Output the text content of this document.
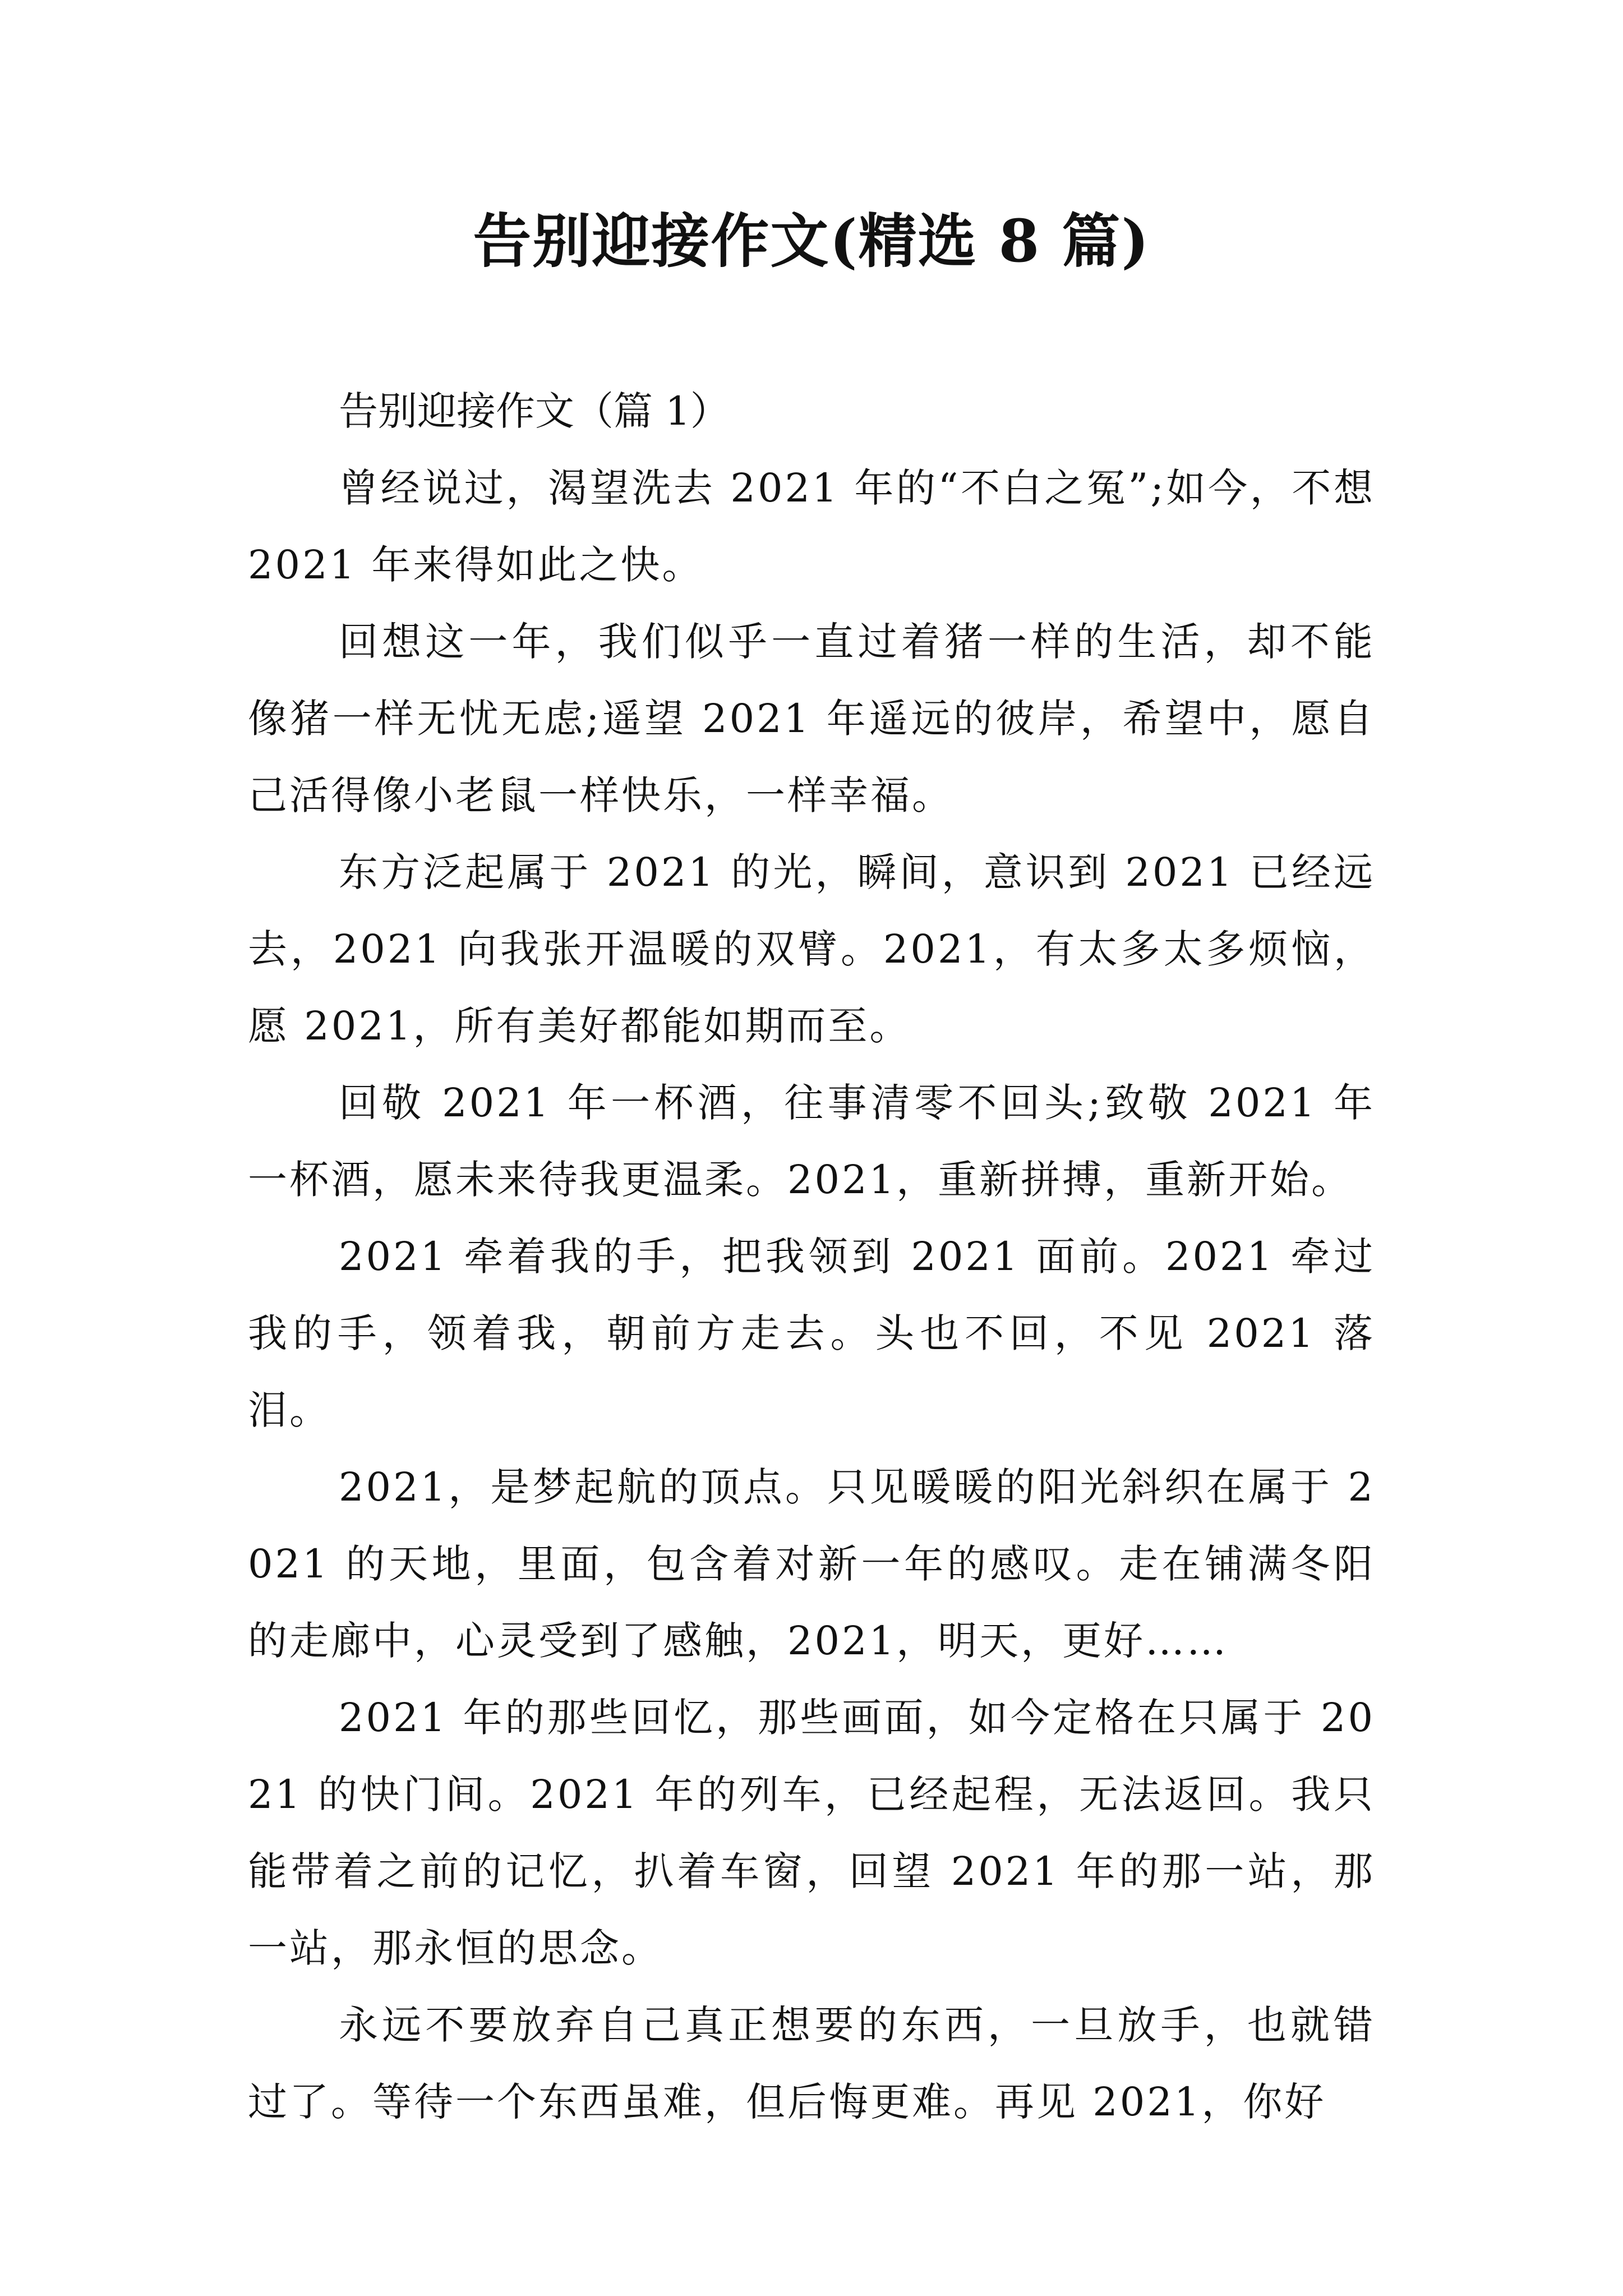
告别迎接作文(精选 8 篇)

告别迎接作文（篇 1）

曾经说过，渴望洗去 2021 年的“不白之冤”;如今，不想 2021 年来得如此之快。

回想这一年，我们似乎一直过着猪一样的生活，却不能像猪一样无忧无虑;遥望 2021 年遥远的彼岸，希望中，愿自己活得像小老鼠一样快乐，一样幸福。

东方泛起属于 2021 的光，瞬间，意识到 2021 已经远去，2021 向我张开温暖的双臂。2021，有太多太多烦恼，愿 2021，所有美好都能如期而至。

回敬 2021 年一杯酒，往事清零不回头;致敬 2021 年一杯酒，愿未来待我更温柔。2021，重新拼搏，重新开始。

2021 牵着我的手，把我领到 2021 面前。2021 牵过我的手，领着我，朝前方走去。头也不回，不见 2021 落泪。

2021，是梦起航的顶点。只见暖暖的阳光斜织在属于 2021 的天地，里面，包含着对新一年的感叹。走在铺满冬阳的走廊中，心灵受到了感触，2021，明天，更好……

2021 年的那些回忆，那些画面，如今定格在只属于 2021 的快门间。2021 年的列车，已经起程，无法返回。我只能带着之前的记忆，扒着车窗，回望 2021 年的那一站，那一站，那永恒的思念。

永远不要放弃自己真正想要的东西，一旦放手，也就错过了。等待一个东西虽难，但后悔更难。再见 2021，你好
